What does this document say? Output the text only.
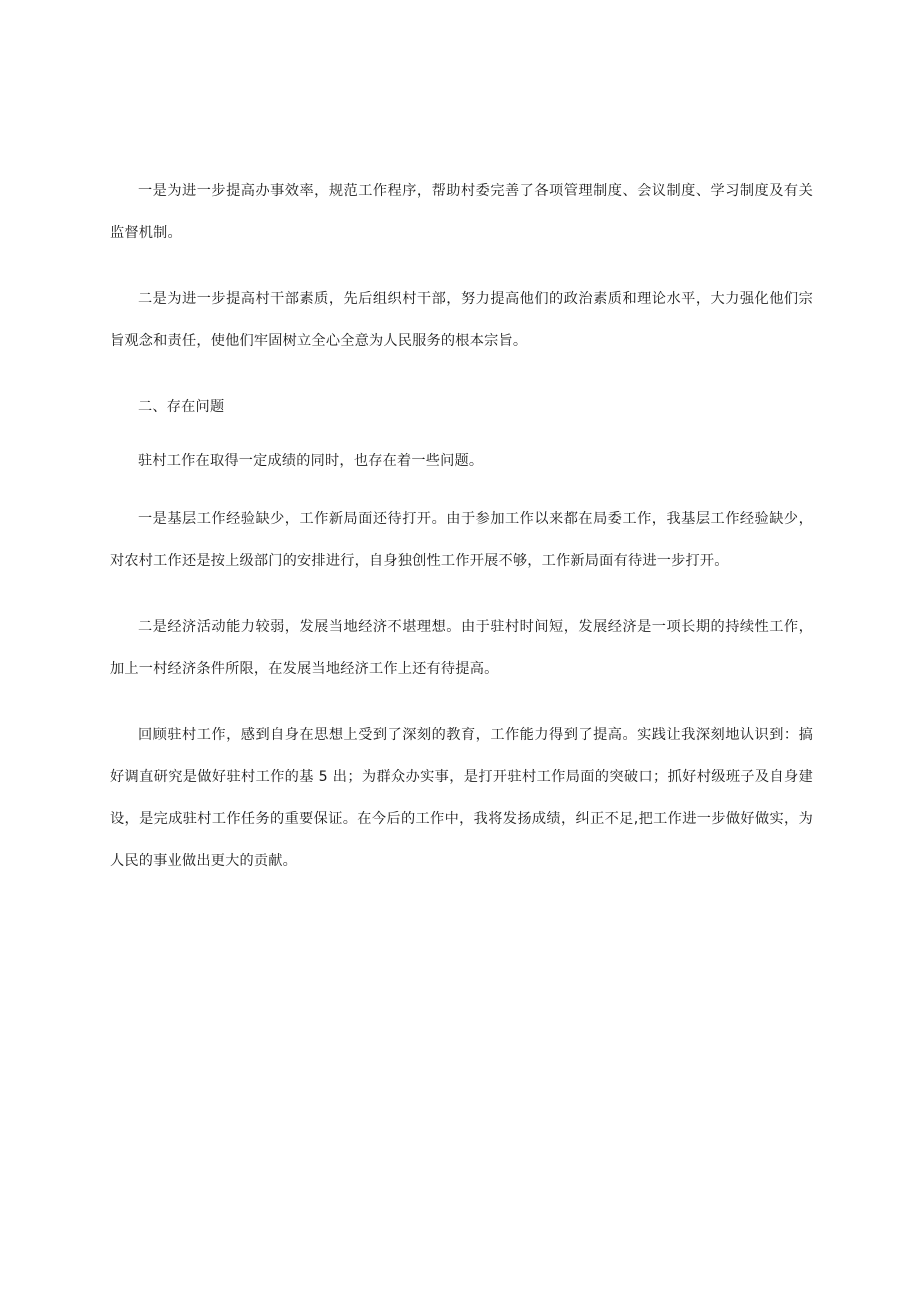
一是为进一步提高办事效率，规范工作程序，帮助村委完善了各项管理制度、会议制度、学习制度及有关监督机制。

二是为进一步提高村干部素质，先后组织村干部，努力提高他们的政治素质和理论水平，大力强化他们宗旨观念和责任，使他们牢固树立全心全意为人民服务的根本宗旨。

二、存在问题

驻村工作在取得一定成绩的同时，也存在着一些问题。

一是基层工作经验缺少，工作新局面还待打开。由于参加工作以来都在局委工作，我基层工作经验缺少，对农村工作还是按上级部门的安排进行，自身独创性工作开展不够，工作新局面有待进一步打开。

二是经济活动能力较弱，发展当地经济不堪理想。由于驻村时间短，发展经济是一项长期的持续性工作，加上一村经济条件所限，在发展当地经济工作上还有待提高。

回顾驻村工作，感到自身在思想上受到了深刻的教育，工作能力得到了提高。实践让我深刻地认识到：搞好调直研究是做好驻村工作的基 5 出；为群众办实事，是打开驻村工作局面的突破口；抓好村级班子及自身建设，是完成驻村工作任务的重要保证。在今后的工作中，我将发扬成绩，纠正不足,把工作进一步做好做实，为人民的事业做出更大的贡献。
